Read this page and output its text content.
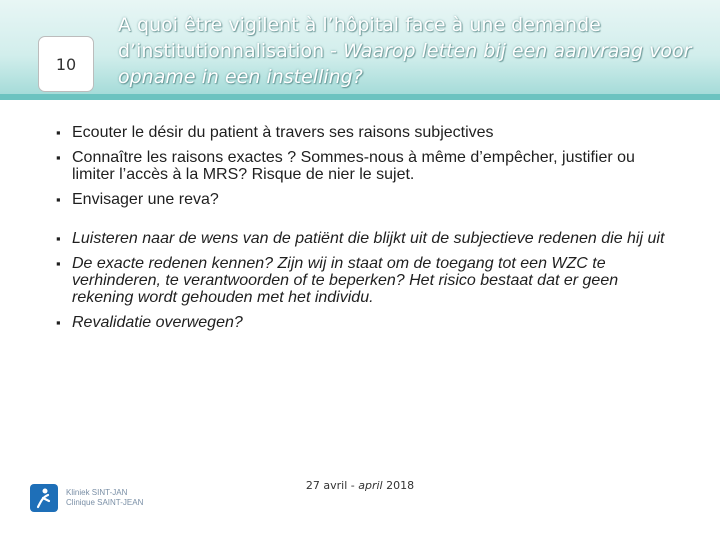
10
A quoi être vigilent à l’hôpital face à une demande d’institutionnalisation - Waarop letten bij een aanvraag voor opname in een instelling?
▪ Ecouter le désir du patient à travers ses raisons subjectives
▪ Connaître les raisons exactes ? Sommes-nous à même d’empêcher, justifier ou limiter l’accès à la MRS? Risque de nier le sujet.
▪ Envisager une reva?
▪ Luisteren naar de wens van de patiënt die blijkt uit de subjectieve redenen die hij uit
▪ De exacte redenen kennen? Zijn wij in staat om de toegang tot een WZC te verhinderen, te verantwoorden of te beperken? Het risico bestaat dat er geen rekening wordt gehouden met het individu.
▪ Revalidatie overwegen?
Kliniek SINT-JAN
Clinique SAINT-JEAN
27 avril - april 2018
